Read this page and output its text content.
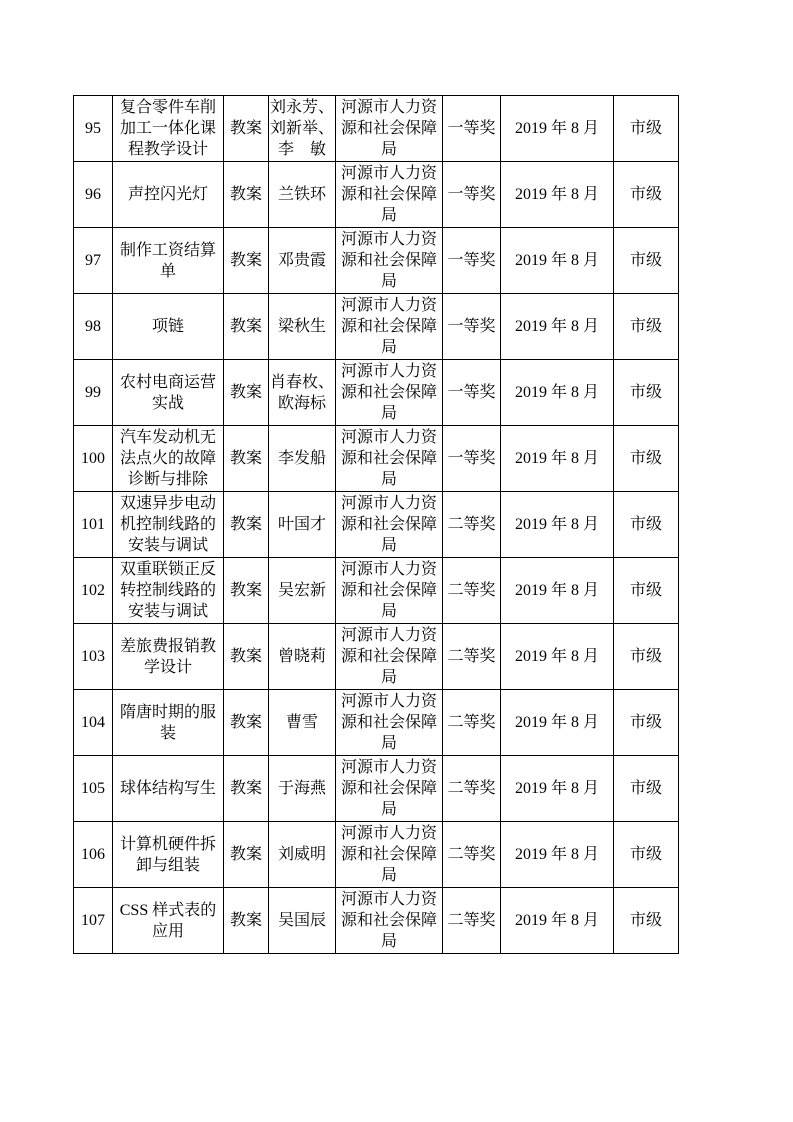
95	复合零件车削加工一体化课程教学设计	教案	刘永芳、刘新举、李　敏	河源市人力资源和社会保障局	一等奖	2019 年 8 月	市级
96	声控闪光灯	教案	兰铁环	河源市人力资源和社会保障局	一等奖	2019 年 8 月	市级
97	制作工资结算单	教案	邓贵霞	河源市人力资源和社会保障局	一等奖	2019 年 8 月	市级
98	项链	教案	梁秋生	河源市人力资源和社会保障局	一等奖	2019 年 8 月	市级
99	农村电商运营实战	教案	肖春枚、欧海标	河源市人力资源和社会保障局	一等奖	2019 年 8 月	市级
100	汽车发动机无法点火的故障诊断与排除	教案	李发船	河源市人力资源和社会保障局	一等奖	2019 年 8 月	市级
101	双速异步电动机控制线路的安装与调试	教案	叶国才	河源市人力资源和社会保障局	二等奖	2019 年 8 月	市级
102	双重联锁正反转控制线路的安装与调试	教案	吴宏新	河源市人力资源和社会保障局	二等奖	2019 年 8 月	市级
103	差旅费报销教学设计	教案	曾晓莉	河源市人力资源和社会保障局	二等奖	2019 年 8 月	市级
104	隋唐时期的服装	教案	曹雪	河源市人力资源和社会保障局	二等奖	2019 年 8 月	市级
105	球体结构写生	教案	于海燕	河源市人力资源和社会保障局	二等奖	2019 年 8 月	市级
106	计算机硬件拆卸与组装	教案	刘威明	河源市人力资源和社会保障局	二等奖	2019 年 8 月	市级
107	CSS 样式表的应用	教案	吴国辰	河源市人力资源和社会保障局	二等奖	2019 年 8 月	市级
